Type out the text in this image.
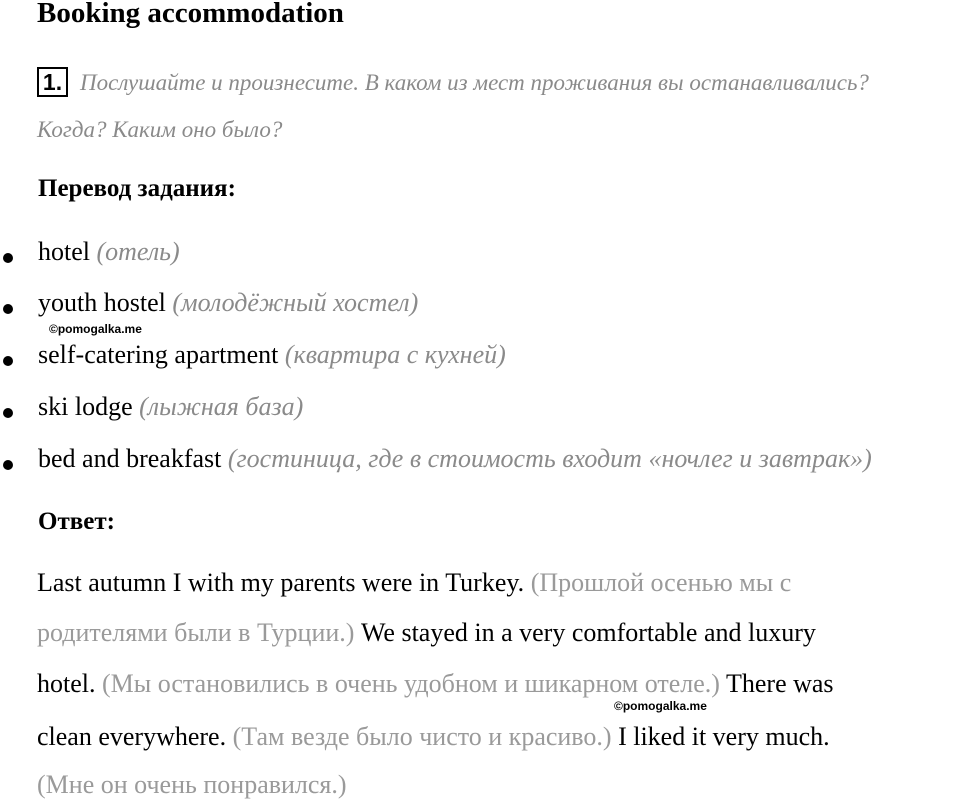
Booking accommodation
1. Послушайте и произнесите. В каком из мест проживания вы останавливались?
Когда? Каким оно было?
Перевод задания:
hotel (отель)
youth hostel (молодёжный хостел)
self-catering apartment (квартира с кухней)
ski lodge (лыжная база)
bed and breakfast (гостиница, где в стоимость входит «ночлег и завтрак»)
©pomogalka.me
Ответ:
Last autumn I with my parents were in Turkey. (Прошлой осенью мы с
родителями были в Турции.) We stayed in a very comfortable and luxury
hotel. (Мы остановились в очень удобном и шикарном отеле.) There was
clean everywhere. (Там везде было чисто и красиво.) I liked it very much.
(Мне он очень понравился.)
©pomogalka.me
